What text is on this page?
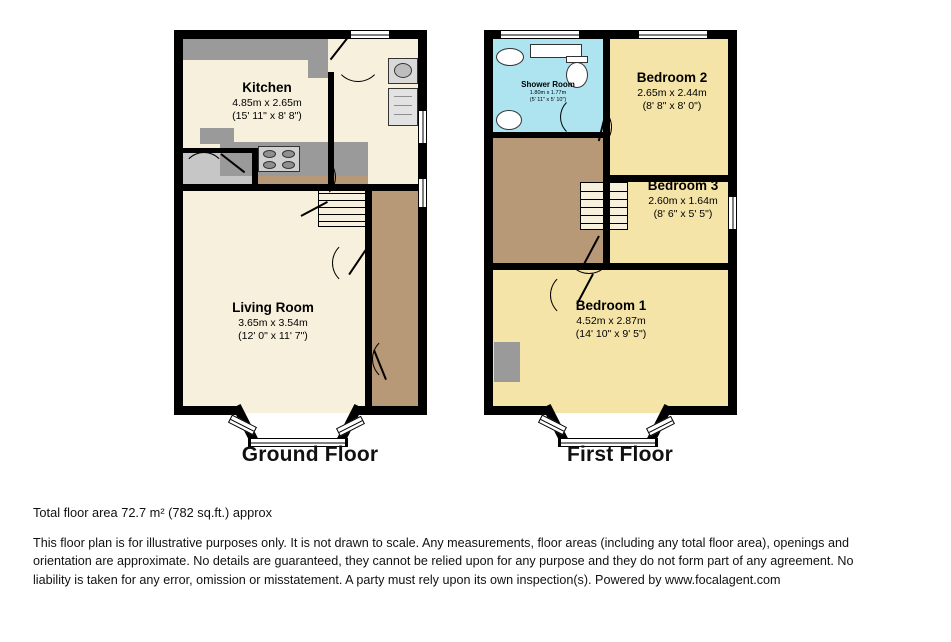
Kitchen
4.85m x 2.65m
(15' 11" x 8' 8")
Living Room
3.65m x 3.54m
(12' 0" x 11' 7")
Shower Room
1.80m x 1.77m
(5' 11" x 5' 10")
Bedroom 2
2.65m x 2.44m
(8' 8" x 8' 0")
Bedroom 3
2.60m x 1.64m
(8' 6" x 5' 5")
Bedroom 1
4.52m x 2.87m
(14' 10" x 9' 5")
Ground Floor	First Floor

Total floor area 72.7 m² (782 sq.ft.) approx

This floor plan is for illustrative purposes only. It is not drawn to scale. Any measurements, floor areas (including any total floor area), openings and orientation are approximate. No details are guaranteed, they cannot be relied upon for any purpose and they do not form part of any agreement. No liability is taken for any error, omission or misstatement. A party must rely upon its own inspection(s). Powered by www.focalagent.com
